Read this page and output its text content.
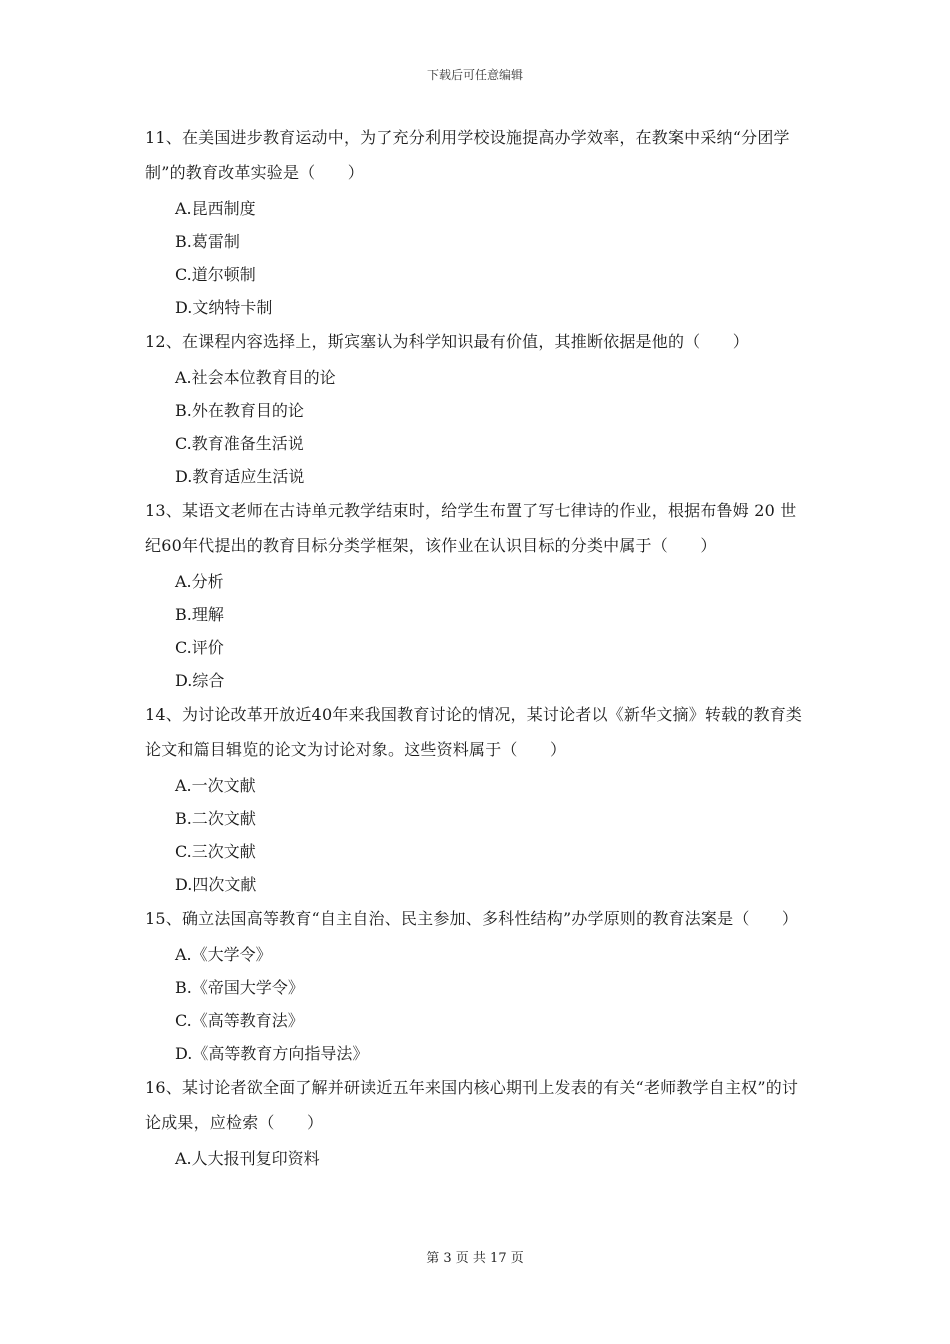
下载后可任意编辑

11、在美国进步教育运动中，为了充分利用学校设施提高办学效率，在教案中采纳“分团学制”的教育改革实验是（　　）

A.昆西制度
B.葛雷制
C.道尔顿制
D.文纳特卡制

12、在课程内容选择上，斯宾塞认为科学知识最有价值，其推断依据是他的（　　）

A.社会本位教育目的论
B.外在教育目的论
C.教育准备生活说
D.教育适应生活说

13、某语文老师在古诗单元教学结束时，给学生布置了写七律诗的作业，根据布鲁姆 20 世纪60年代提出的教育目标分类学框架，该作业在认识目标的分类中属于（　　）

A.分析
B.理解
C.评价
D.综合

14、为讨论改革开放近40年来我国教育讨论的情况，某讨论者以《新华文摘》转载的教育类论文和篇目辑览的论文为讨论对象。这些资料属于（　　）

A.一次文献
B.二次文献
C.三次文献
D.四次文献

15、确立法国高等教育“自主自治、民主参加、多科性结构”办学原则的教育法案是（　　）

A.《大学令》
B.《帝国大学令》
C.《高等教育法》
D.《高等教育方向指导法》

16、某讨论者欲全面了解并研读近五年来国内核心期刊上发表的有关“老师教学自主权”的讨论成果，应检索（　　）

A.人大报刊复印资料
第 3 页 共 17 页
